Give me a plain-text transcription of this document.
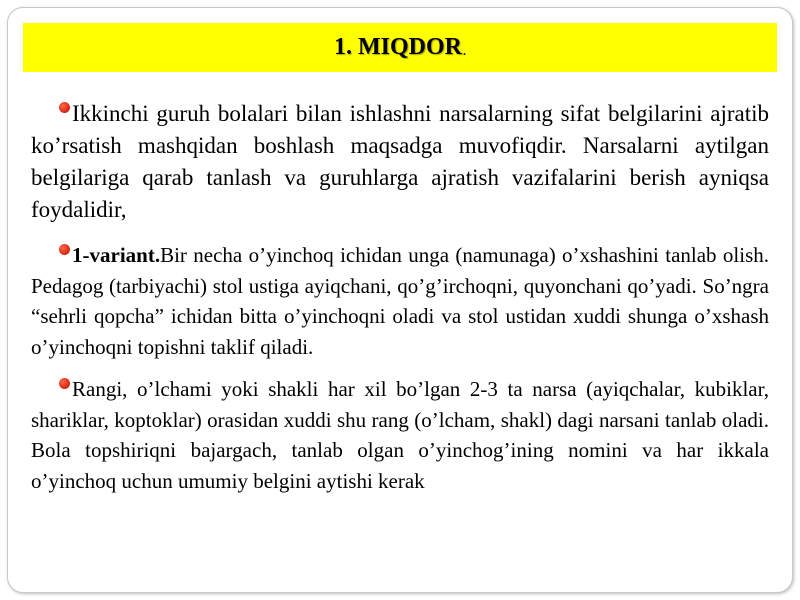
1. MIQDOR .

Ikkinchi guruh bolalari bilan ishlashni narsalarning sifat belgilarini ajratib ko’rsatish mashqidan boshlash maqsadga muvofiqdir. Narsalarni aytilgan belgilariga qarab tanlash va guruhlarga ajratish vazifalarini berish ayniqsa foydalidir,

1-variant.Bir necha o’yinchoq ichidan unga (namunaga) o’xshashini tanlab olish. Pedagog (tarbiyachi) stol ustiga ayiqchani, qo’g’irchoqni, quyonchani qo’yadi. So’ngra “sehrli qopcha” ichidan bitta o’yinchoqni oladi va stol ustidan xuddi shunga o’xshash o’yinchoqni topishni taklif qiladi.

Rangi, o’lchami yoki shakli har xil bo’lgan 2-3 ta narsa (ayiqchalar, kubiklar, shariklar, koptoklar) orasidan xuddi shu rang (o’lcham, shakl) dagi narsani tanlab oladi. Bola topshiriqni bajargach, tanlab olgan o’yinchog’ining nomini va har ikkala o’yinchoq uchun umumiy belgini aytishi kerak
